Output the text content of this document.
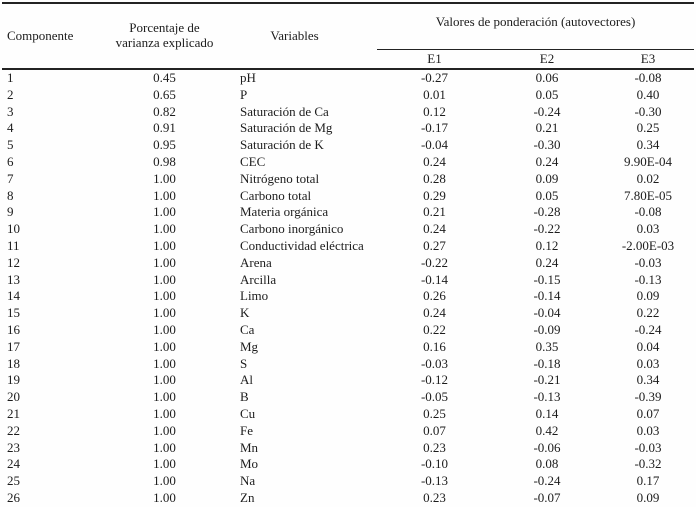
Componente	Porcentaje de varianza explicado	Variables	Valores de ponderación (autovectores)		
			E1	E2	E3
1	0.45	pH	-0.27	0.06	-0.08
2	0.65	P	0.01	0.05	0.40
3	0.82	Saturación de Ca	0.12	-0.24	-0.30
4	0.91	Saturación de Mg	-0.17	0.21	0.25
5	0.95	Saturación de K	-0.04	-0.30	0.34
6	0.98	CEC	0.24	0.24	9.90E-04
7	1.00	Nitrógeno total	0.28	0.09	0.02
8	1.00	Carbono total	0.29	0.05	7.80E-05
9	1.00	Materia orgánica	0.21	-0.28	-0.08
10	1.00	Carbono inorgánico	0.24	-0.22	0.03
11	1.00	Conductividad eléctrica	0.27	0.12	-2.00E-03
12	1.00	Arena	-0.22	0.24	-0.03
13	1.00	Arcilla	-0.14	-0.15	-0.13
14	1.00	Limo	0.26	-0.14	0.09
15	1.00	K	0.24	-0.04	0.22
16	1.00	Ca	0.22	-0.09	-0.24
17	1.00	Mg	0.16	0.35	0.04
18	1.00	S	-0.03	-0.18	0.03
19	1.00	Al	-0.12	-0.21	0.34
20	1.00	B	-0.05	-0.13	-0.39
21	1.00	Cu	0.25	0.14	0.07
22	1.00	Fe	0.07	0.42	0.03
23	1.00	Mn	0.23	-0.06	-0.03
24	1.00	Mo	-0.10	0.08	-0.32
25	1.00	Na	-0.13	-0.24	0.17
26	1.00	Zn	0.23	-0.07	0.09
